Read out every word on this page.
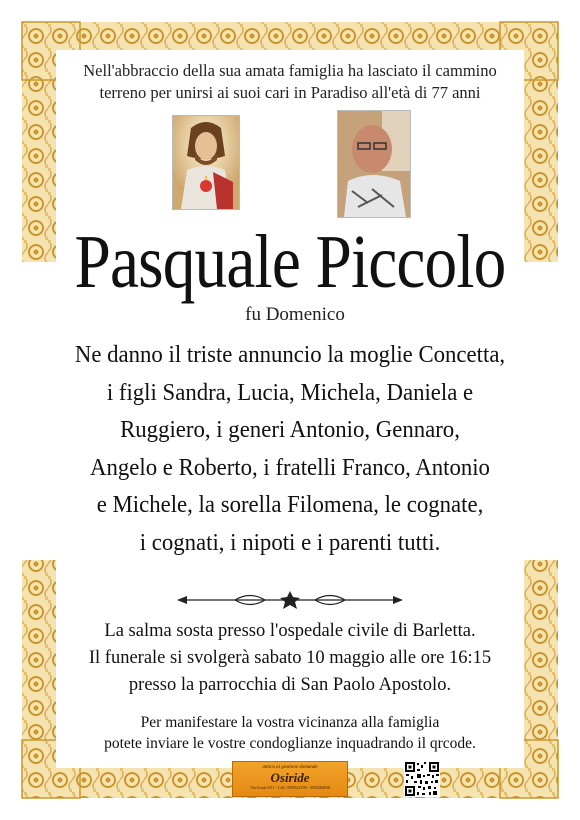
Nell'abbraccio della sua amata famiglia ha lasciato il cammino
terreno per unirsi ai suoi cari in Paradiso all'età di 77 anni
Pasquale Piccolo
fu Domenico
Ne danno il triste annuncio la moglie Concetta,
i figli Sandra, Lucia, Michela, Daniela e
Ruggiero, i generi Antonio, Gennaro,
Angelo e Roberto, i fratelli Franco, Antonio
e Michele, la sorella Filomena, le cognate,
i cognati, i nipoti e i parenti tutti.
La salma sosta presso l'ospedale civile di Barletta.
Il funerale si svolgerà sabato 10 maggio alle ore 16:15
presso la parrocchia di San Paolo Apostolo.
Per manifestare la vostra vicinanza alla famiglia
potete inviare le vostre condoglianze inquadrando il qrcode.
antica ai gestione domande
Osiride
Via Grado 6/11 - Cell. 3939522190 - 3939284938
